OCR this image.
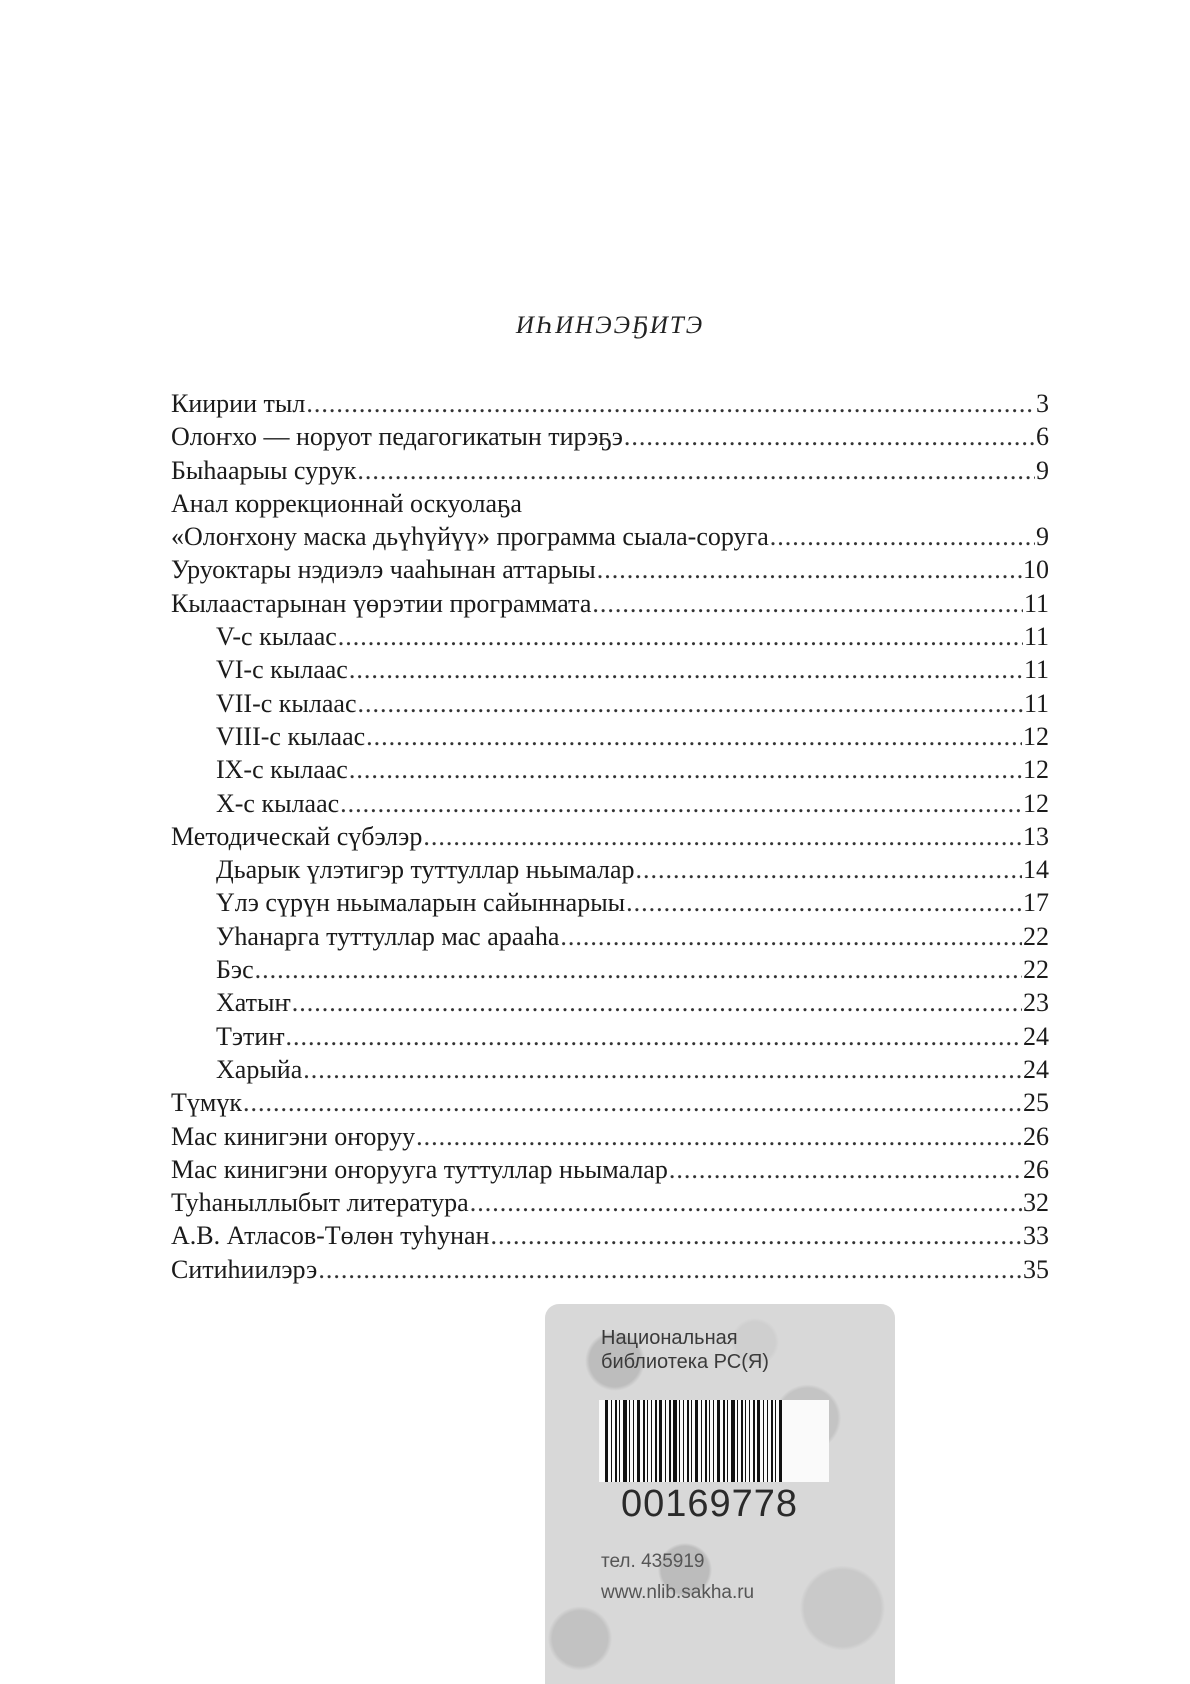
ИҺИНЭЭҔИТЭ
Киирии тыл .....	3
Олоҥхо — норуот педагогикатын тирэҕэ .....	6
Быһаарыы сурук .....	9
Анал коррекционнай оскуолаҕа
«Олоҥхону маска дьүһүйүү» программа сыала-соруга .....	9
Уруоктары нэдиэлэ чааһынан аттарыы .....	10
Кылаастарынан үөрэтии программата .....	11
V-с кылаас .....	11
VI-с кылаас .....	11
VII-с кылаас .....	11
VIII-с кылаас .....	12
IX-с кылаас .....	12
X-с кылаас .....	12
Методическай сүбэлэр .....	13
Дьарык үлэтигэр туттуллар ньымалар .....	14
Үлэ сүрүн ньымаларын сайыннарыы .....	17
Уһанарга туттуллар мас арааһа .....	22
Бэс .....	22
Хатыҥ .....	23
Тэтиҥ .....	24
Харыйа .....	24
Түмүк .....	25
Мас кинигэни оҥоруу .....	26
Мас кинигэни оҥорууга туттуллар ньымалар .....	26
Туһаныллыбыт литература .....	32
А.В. Атласов-Төлөн туһунан .....	33
Ситиһиилэрэ .....	35
Национальная
библиотека РС(Я)
00169778
тел. 435919
www.nlib.sakha.ru
